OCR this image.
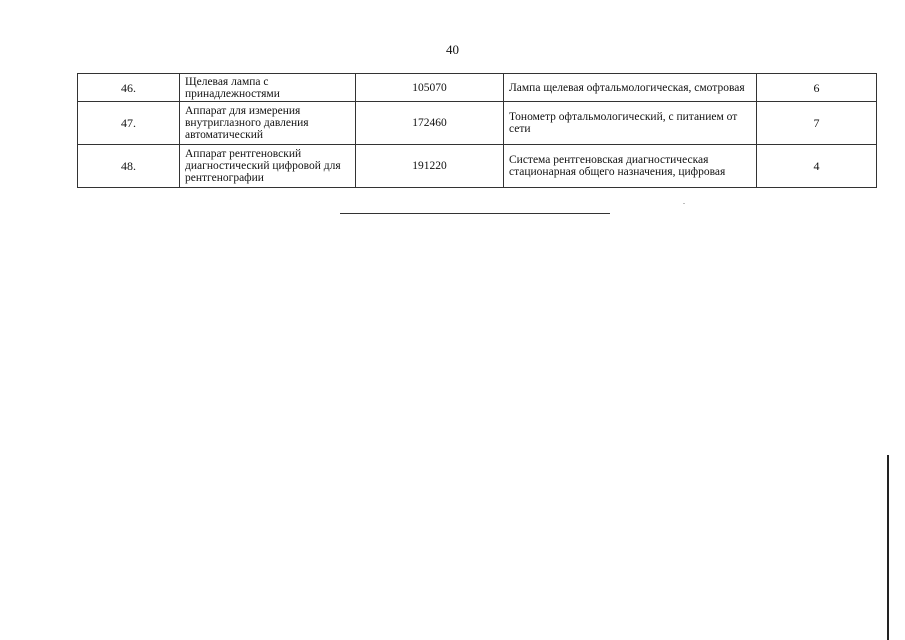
40
46.	Щелевая лампа с принадлежностями	105070	Лампа щелевая офтальмологическая, смотровая	6
47.	Аппарат для измерения внутриглазного давления автоматический	172460	Тонометр офтальмологический, с питанием от сети	7
48.	Аппарат рентгеновский диагностический цифровой для рентгенографии	191220	Система рентгеновская диагностическая стационарная общего назначения, цифровая	4
